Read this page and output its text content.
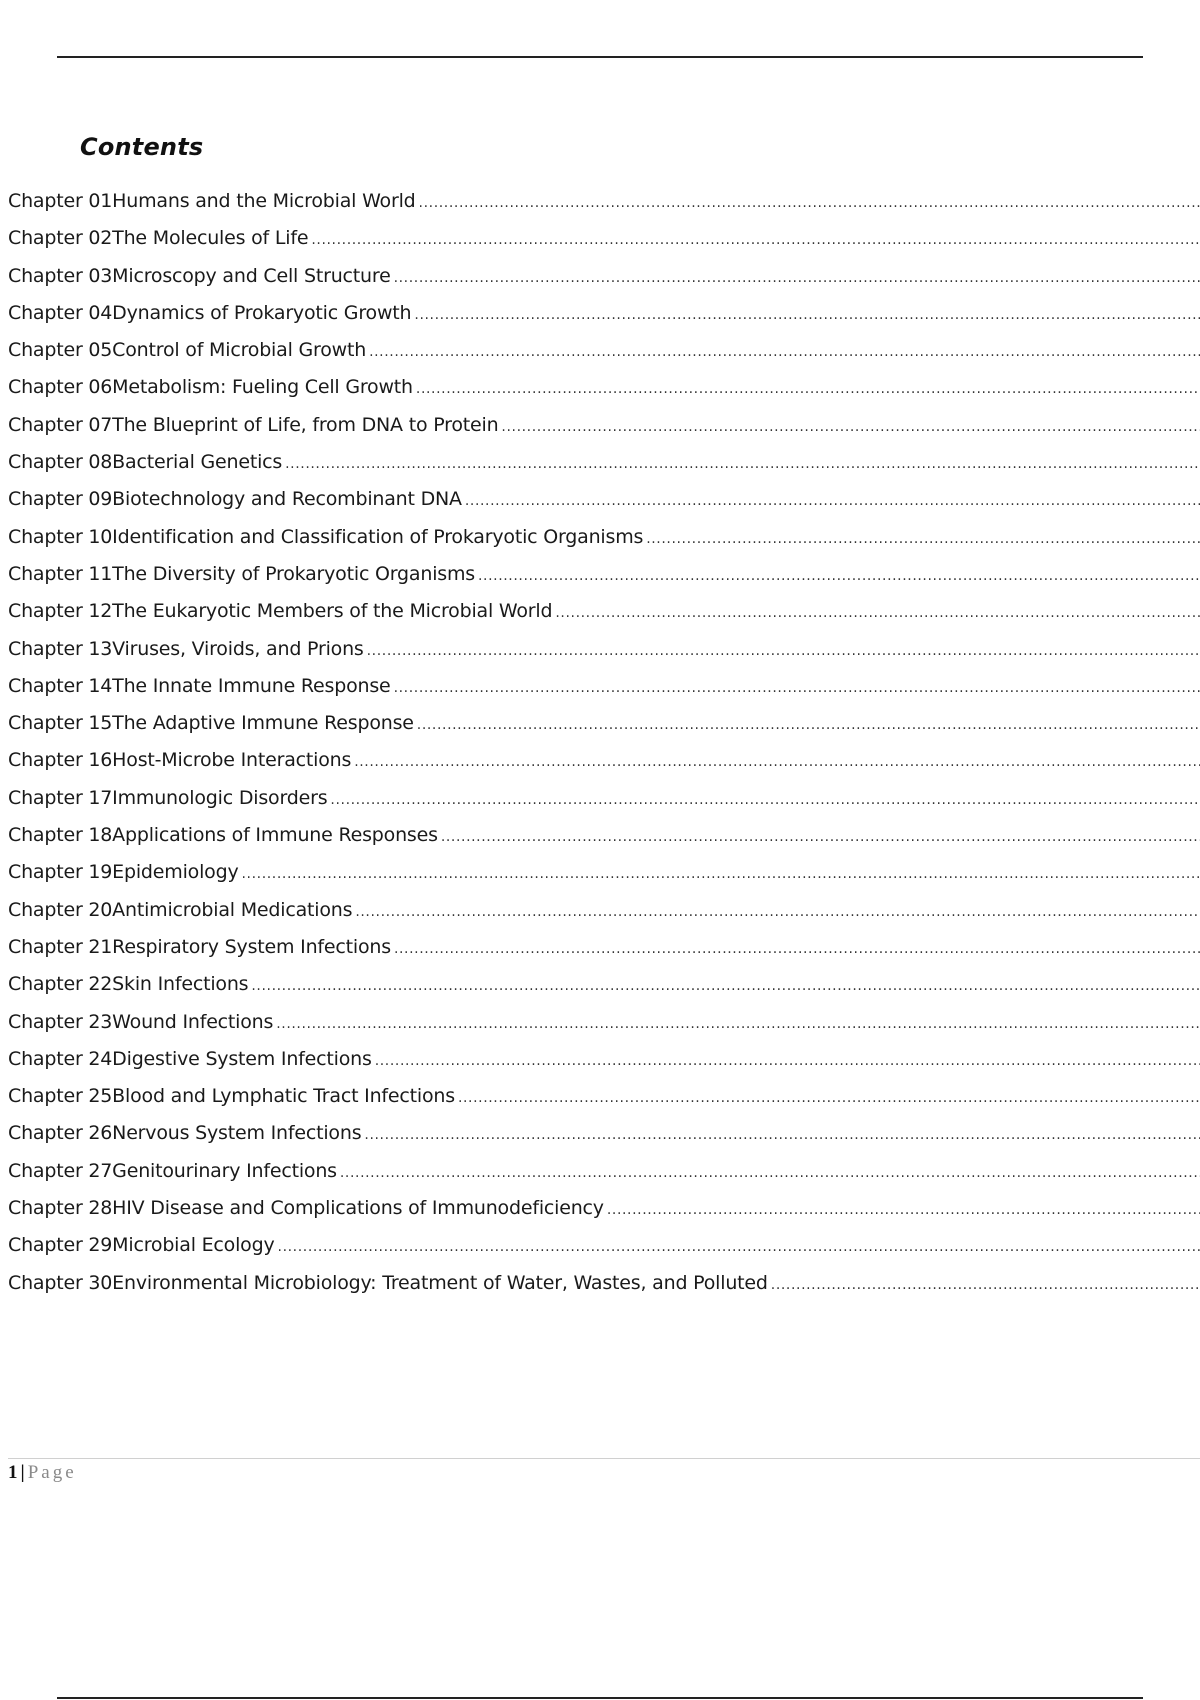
Contents
Chapter 01Humans and the Microbial World
.....
Chapter 02The Molecules of Life
.....
Chapter 03Microscopy and Cell Structure
.....
Chapter 04Dynamics of Prokaryotic Growth
.....
Chapter 05Control of Microbial Growth
.....
Chapter 06Metabolism: Fueling Cell Growth
.....
Chapter 07The Blueprint of Life, from DNA to Protein
.....
Chapter 08Bacterial Genetics
.....
Chapter 09Biotechnology and Recombinant DNA
.....
Chapter 10Identification and Classification of Prokaryotic Organisms
.....
Chapter 11The Diversity of Prokaryotic Organisms
.....
Chapter 12The Eukaryotic Members of the Microbial World
.....
Chapter 13Viruses, Viroids, and Prions
.....
Chapter 14The Innate Immune Response
.....
Chapter 15The Adaptive Immune Response
.....
Chapter 16Host-Microbe Interactions
.....
Chapter 17Immunologic Disorders
.....
Chapter 18Applications of Immune Responses
.....
Chapter 19Epidemiology
.....
Chapter 20Antimicrobial Medications
.....
Chapter 21Respiratory System Infections
.....
Chapter 22Skin Infections
.....
Chapter 23Wound Infections
.....
Chapter 24Digestive System Infections
.....
Chapter 25Blood and Lymphatic Tract Infections
.....
Chapter 26Nervous System Infections
.....
Chapter 27Genitourinary Infections
.....
Chapter 28HIV Disease and Complications of Immunodeficiency
.....
Chapter 29Microbial Ecology
.....
Chapter 30Environmental Microbiology: Treatment of Water, Wastes, and Polluted
.....
1 | Page
